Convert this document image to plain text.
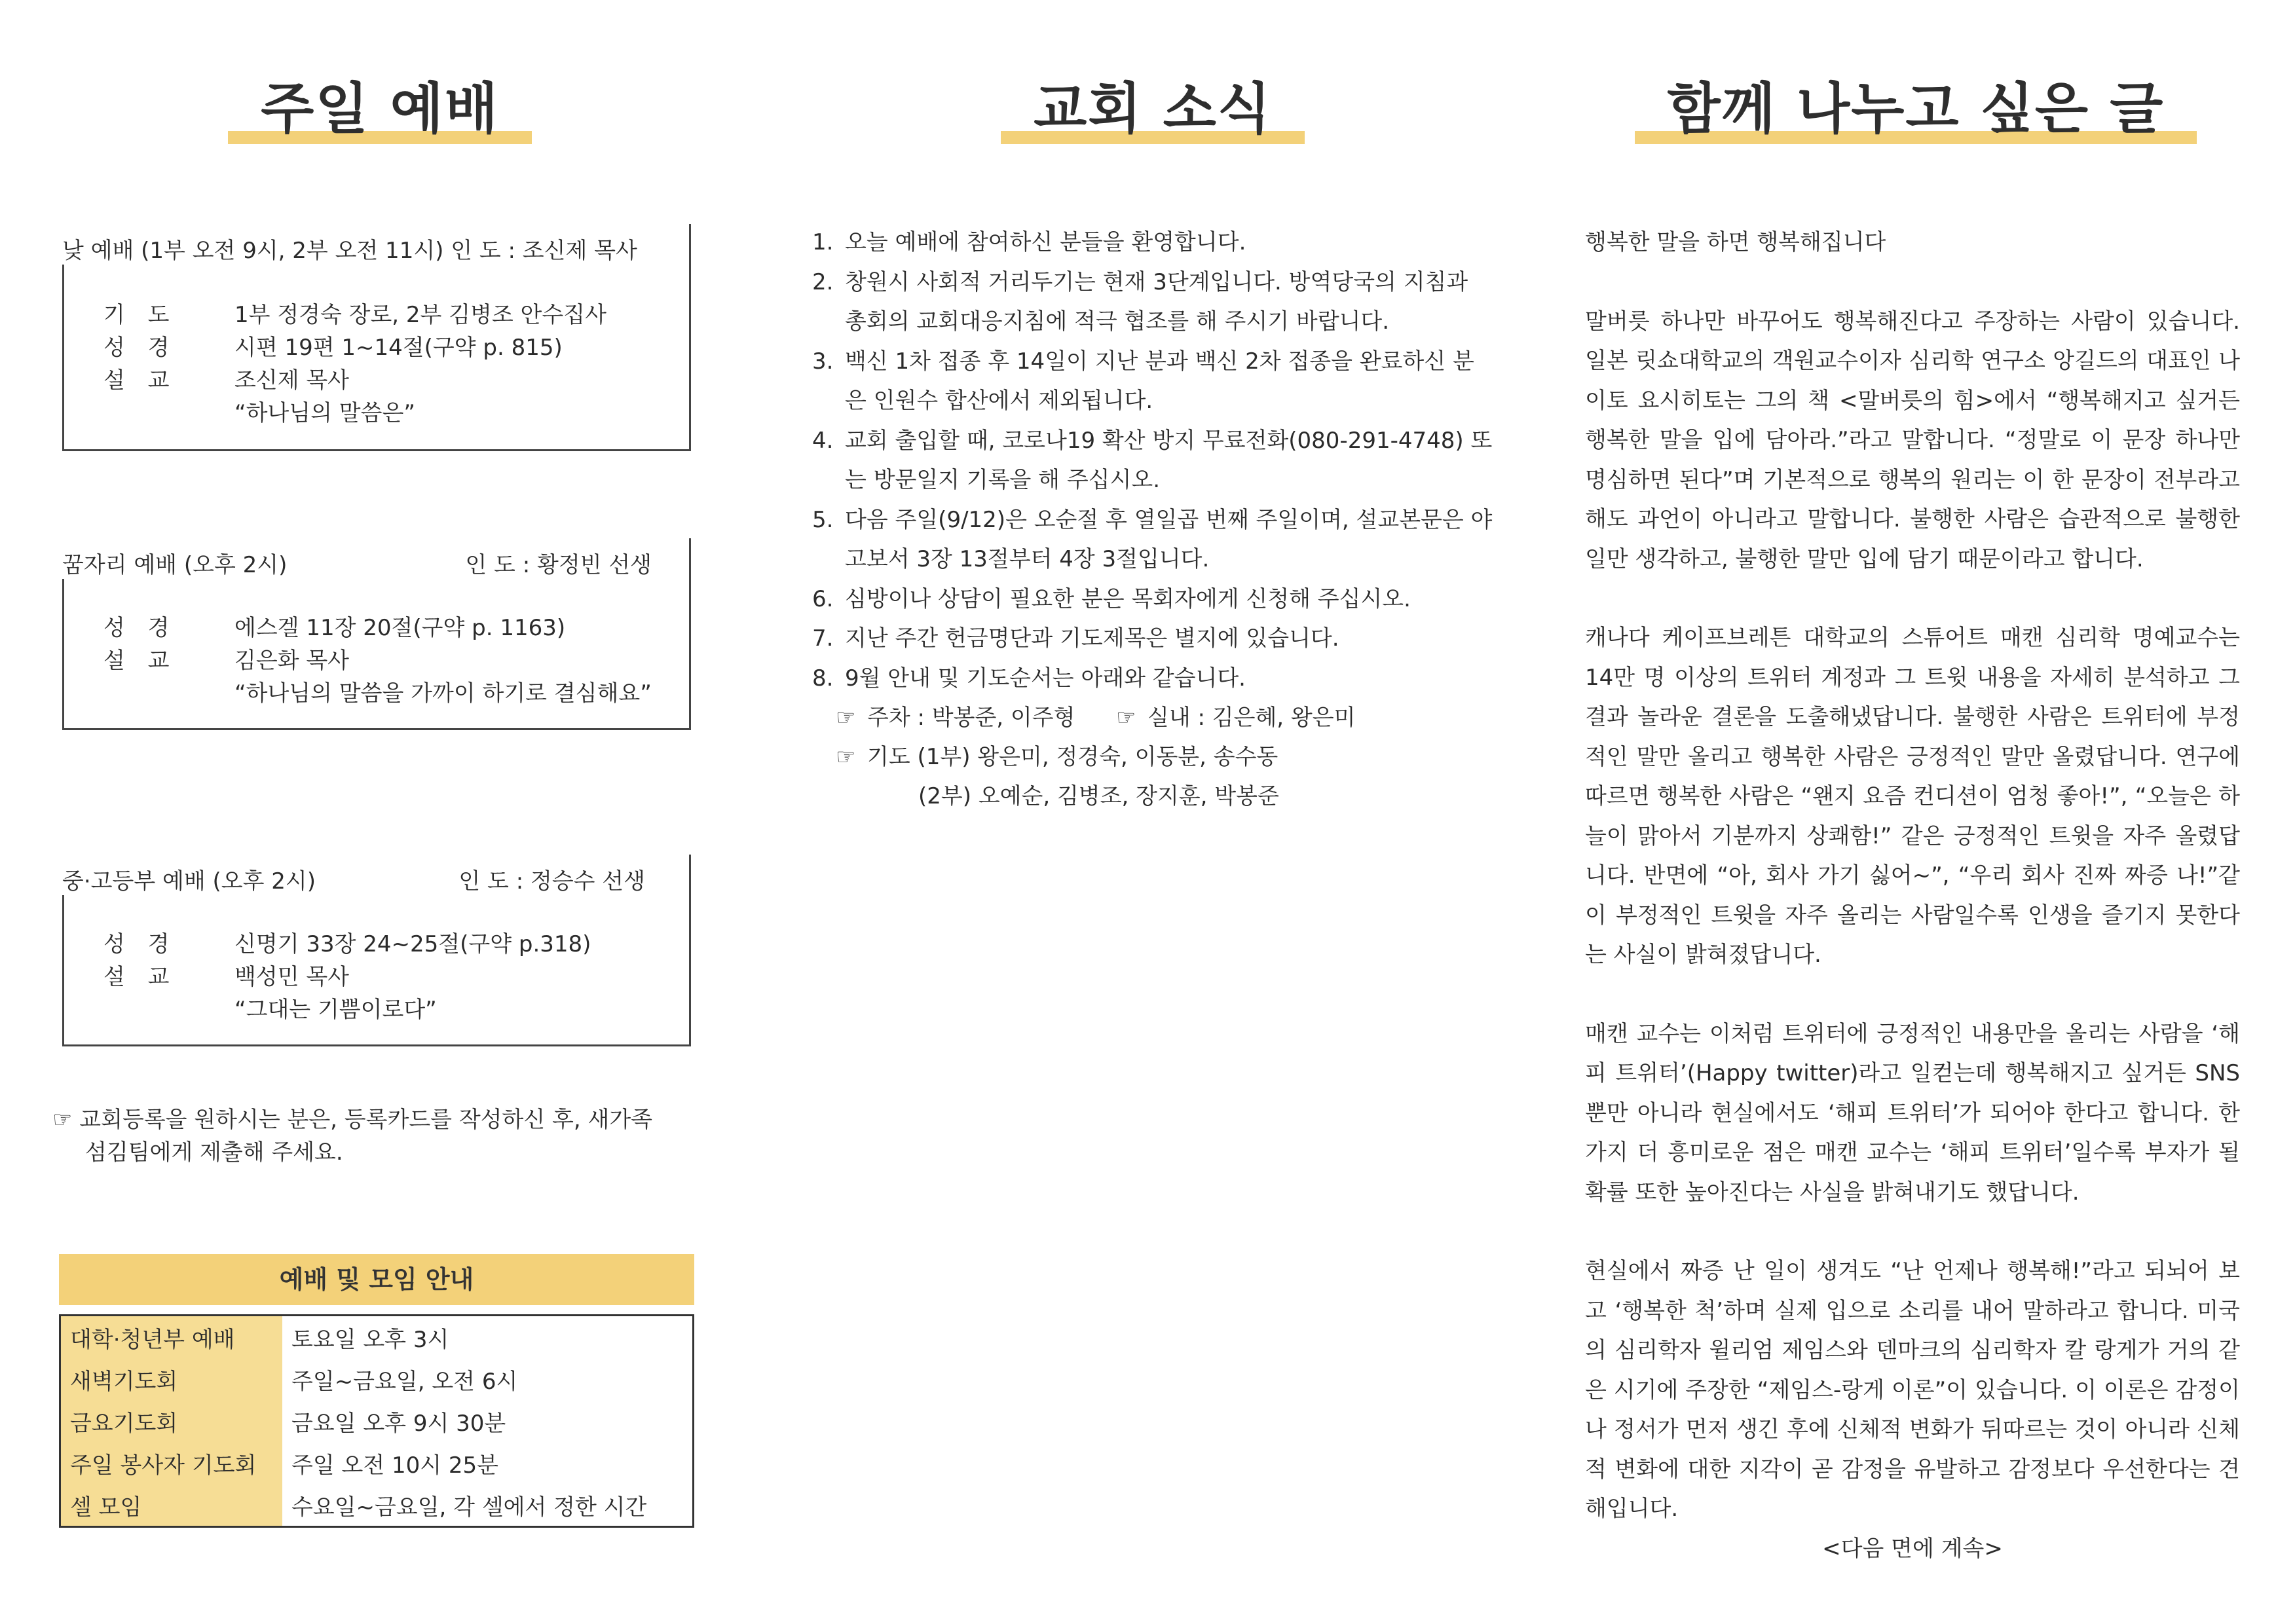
주일 예배
낮 예배 (1부 오전 9시, 2부 오전 11시) 인 도 : 조신제 목사
기 도	1부 정경숙 장로, 2부 김병조 안수집사
성 경	시편 19편 1~14절(구약 p. 815)
설 교	조신제 목사
“하나님의 말씀은”
꿈자리 예배 (오후 2시)	인 도 : 황정빈 선생
성 경	에스겔 11장 20절(구약 p. 1163)
설 교	김은화 목사
“하나님의 말씀을 가까이 하기로 결심해요”
중·고등부 예배 (오후 2시)	인 도 : 정승수 선생
성 경	신명기 33장 24~25절(구약 p.318)
설 교	백성민 목사
“그대는 기쁨이로다”
☞ 교회등록을 원하시는 분은, 등록카드를 작성하신 후, 새가족
섬김팀에게 제출해 주세요.
예배 및 모임 안내
대학·청년부 예배	토요일 오후 3시
새벽기도회	주일~금요일, 오전 6시
금요기도회	금요일 오후 9시 30분
주일 봉사자 기도회	주일 오전 10시 25분
셀 모임	수요일~금요일, 각 셀에서 정한 시간
교회 소식
1. 오늘 예배에 참여하신 분들을 환영합니다.
2. 창원시 사회적 거리두기는 현재 3단계입니다. 방역당국의 지침과 총회의 교회대응지침에 적극 협조를 해 주시기 바랍니다.
3. 백신 1차 접종 후 14일이 지난 분과 백신 2차 접종을 완료하신 분은 인원수 합산에서 제외됩니다.
4. 교회 출입할 때, 코로나19 확산 방지 무료전화(080-291-4748) 또는 방문일지 기록을 해 주십시오.
5. 다음 주일(9/12)은 오순절 후 열일곱 번째 주일이며, 설교본문은 야고보서 3장 13절부터 4장 3절입니다.
6. 심방이나 상담이 필요한 분은 목회자에게 신청해 주십시오.
7. 지난 주간 헌금명단과 기도제목은 별지에 있습니다.
8. 9월 안내 및 기도순서는 아래와 같습니다.
☞ 주차 : 박봉준, 이주형	☞ 실내 : 김은혜, 왕은미
☞ 기도 (1부) 왕은미, 정경숙, 이동분, 송수동
(2부) 오예순, 김병조, 장지훈, 박봉준
함께 나누고 싶은 글

행복한 말을 하면 행복해집니다

말버릇 하나만 바꾸어도 행복해진다고 주장하는 사람이 있습니다. 일본 릿쇼대학교의 객원교수이자 심리학 연구소 앙길드의 대표인 나이토 요시히토는 그의 책 <말버릇의 힘>에서 “행복해지고 싶거든 행복한 말을 입에 담아라.”라고 말합니다. “정말로 이 문장 하나만 명심하면 된다”며 기본적으로 행복의 원리는 이 한 문장이 전부라고 해도 과언이 아니라고 말합니다. 불행한 사람은 습관적으로 불행한 일만 생각하고, 불행한 말만 입에 담기 때문이라고 합니다.

캐나다 케이프브레튼 대학교의 스튜어트 매캔 심리학 명예교수는 14만 명 이상의 트위터 계정과 그 트윗 내용을 자세히 분석하고 그 결과 놀라운 결론을 도출해냈답니다. 불행한 사람은 트위터에 부정적인 말만 올리고 행복한 사람은 긍정적인 말만 올렸답니다. 연구에 따르면 행복한 사람은 “왠지 요즘 컨디션이 엄청 좋아!”, “오늘은 하늘이 맑아서 기분까지 상쾌함!” 같은 긍정적인 트윗을 자주 올렸답니다. 반면에 “아, 회사 가기 싫어~”, “우리 회사 진짜 짜증 나!”같이 부정적인 트윗을 자주 올리는 사람일수록 인생을 즐기지 못한다는 사실이 밝혀졌답니다.

매캔 교수는 이처럼 트위터에 긍정적인 내용만을 올리는 사람을 ‘해피 트위터’(Happy twitter)라고 일컫는데 행복해지고 싶거든 SNS뿐만 아니라 현실에서도 ‘해피 트위터’가 되어야 한다고 합니다. 한 가지 더 흥미로운 점은 매캔 교수는 ‘해피 트위터’일수록 부자가 될 확률 또한 높아진다는 사실을 밝혀내기도 했답니다.

현실에서 짜증 난 일이 생겨도 “난 언제나 행복해!”라고 되뇌어 보고 ‘행복한 척’하며 실제 입으로 소리를 내어 말하라고 합니다. 미국의 심리학자 윌리엄 제임스와 덴마크의 심리학자 칼 랑게가 거의 같은 시기에 주장한 “제임스-랑게 이론”이 있습니다. 이 이론은 감정이나 정서가 먼저 생긴 후에 신체적 변화가 뒤따르는 것이 아니라 신체적 변화에 대한 지각이 곧 감정을 유발하고 감정보다 우선한다는 견해입니다.

<다음 면에 계속>
